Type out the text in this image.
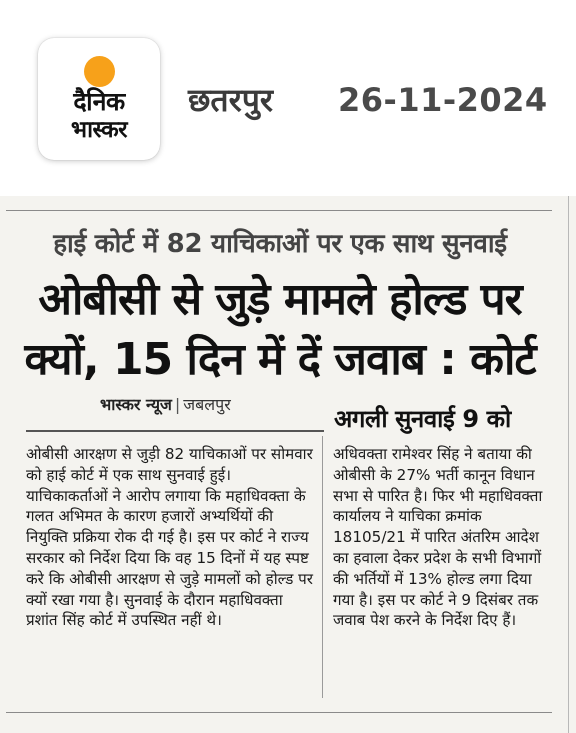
दैनिक
भास्कर
छतरपुर 26-11-2024
हाई कोर्ट में 82 याचिकाओं पर एक साथ सुनवाई
ओबीसी से जुड़े मामले होल्ड पर
क्यों, 15 दिन में दें जवाब : कोर्ट
भास्कर न्यूज | जबलपुर
अगली सुनवाई 9 को

ओबीसी आरक्षण से जुड़ी 82 याचिकाओं पर सोमवार को हाई कोर्ट में एक साथ सुनवाई हुई। याचिकाकर्ताओं ने आरोप लगाया कि महाधिवक्ता के गलत अभिमत के कारण हजारों अभ्यर्थियों की नियुक्ति प्रक्रिया रोक दी गई है। इस पर कोर्ट ने राज्य सरकार को निर्देश दिया कि वह 15 दिनों में यह स्पष्ट करे कि ओबीसी आरक्षण से जुड़े मामलों को होल्ड पर क्यों रखा गया है। सुनवाई के दौरान महाधिवक्ता प्रशांत सिंह कोर्ट में उपस्थित नहीं थे।

अधिवक्ता रामेश्वर सिंह ने बताया की ओबीसी के 27% भर्ती कानून विधान सभा से पारित है। फिर भी महाधिवक्ता कार्यालय ने याचिका क्रमांक 18105/21 में पारित अंतरिम आदेश का हवाला देकर प्रदेश के सभी विभागों की भर्तियों में 13% होल्ड लगा दिया गया है। इस पर कोर्ट ने 9 दिसंबर तक जवाब पेश करने के निर्देश दिए हैं।
